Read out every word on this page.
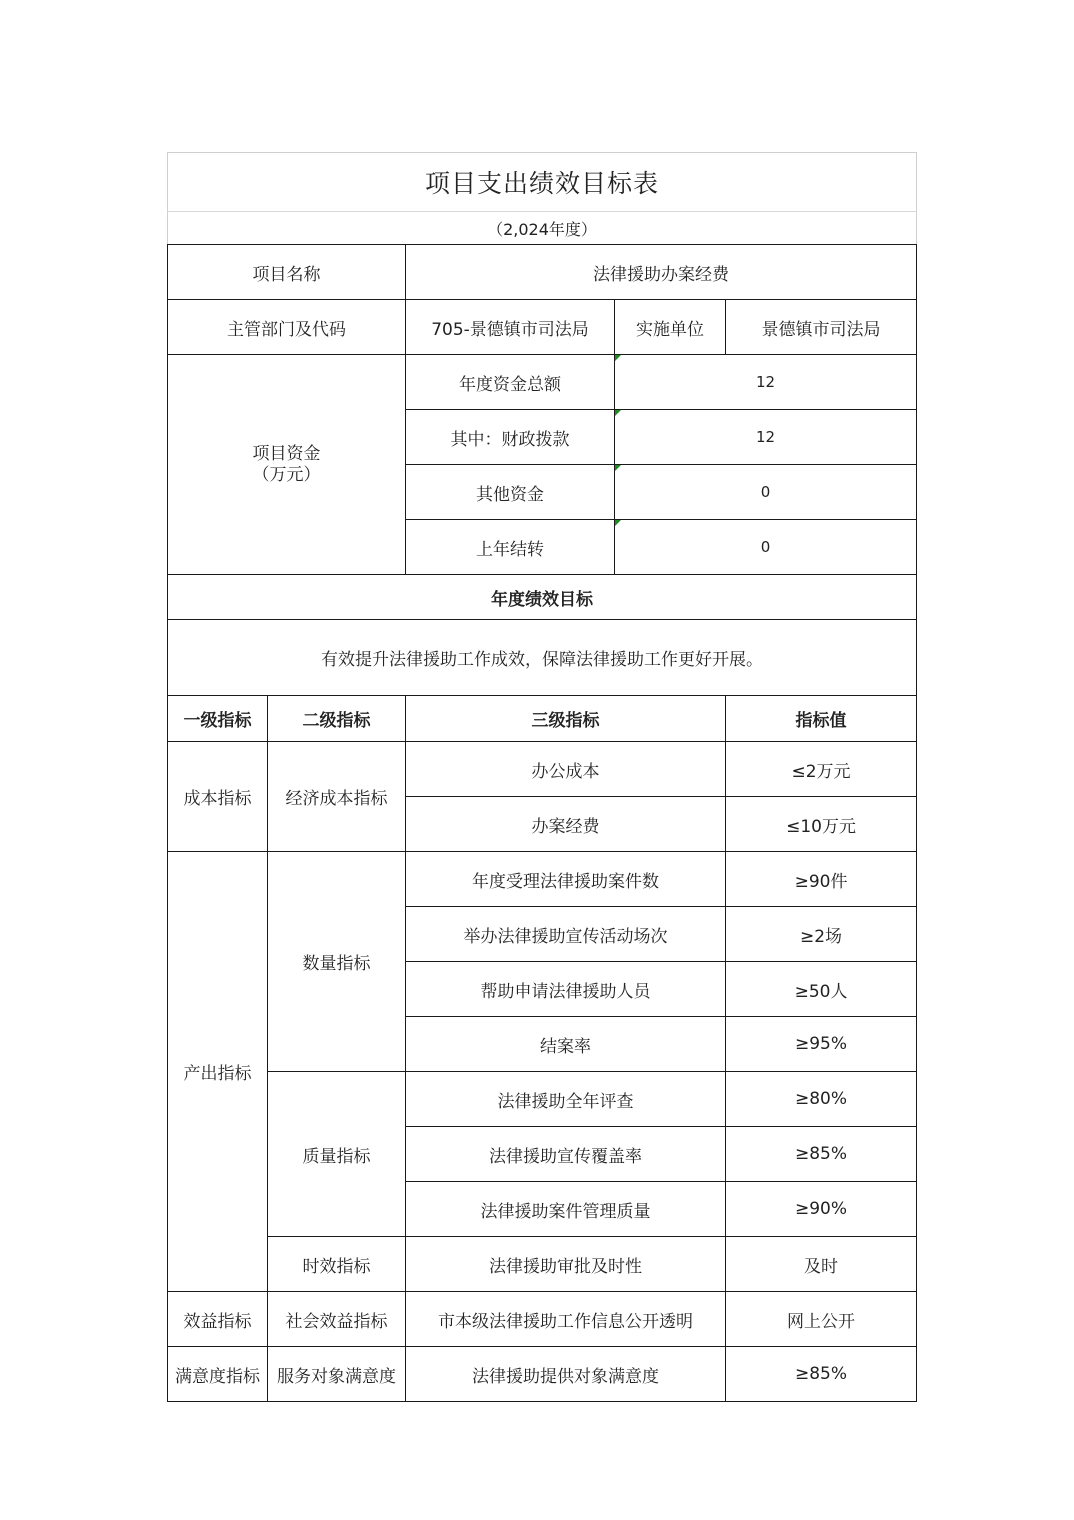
项目支出绩效目标表				
（2,024年度）				
项目名称		法律援助办案经费		
主管部门及代码		705-景德镇市司法局	实施单位	景德镇市司法局

项目资金
（万元）		年度资金总额	12	
		其中：财政拨款	12	
		其他资金	0	
		上年结转	0	
年度绩效目标				
有效提升法律援助工作成效，保障法律援助工作更好开展。				
一级指标	二级指标	三级指标		指标值
成本指标	经济成本指标	办公成本		≤2万元
		办案经费		≤10万元
产出指标	数量指标	年度受理法律援助案件数		≥90件
		举办法律援助宣传活动场次		≥2场
		帮助申请法律援助人员		≥50人
		结案率		≥95%
	质量指标	法律援助全年评查		≥80%
		法律援助宣传覆盖率		≥85%
		法律援助案件管理质量		≥90%
	时效指标	法律援助审批及时性		及时
效益指标	社会效益指标	市本级法律援助工作信息公开透明		网上公开
满意度指标	服务对象满意度	法律援助提供对象满意度		≥85%
